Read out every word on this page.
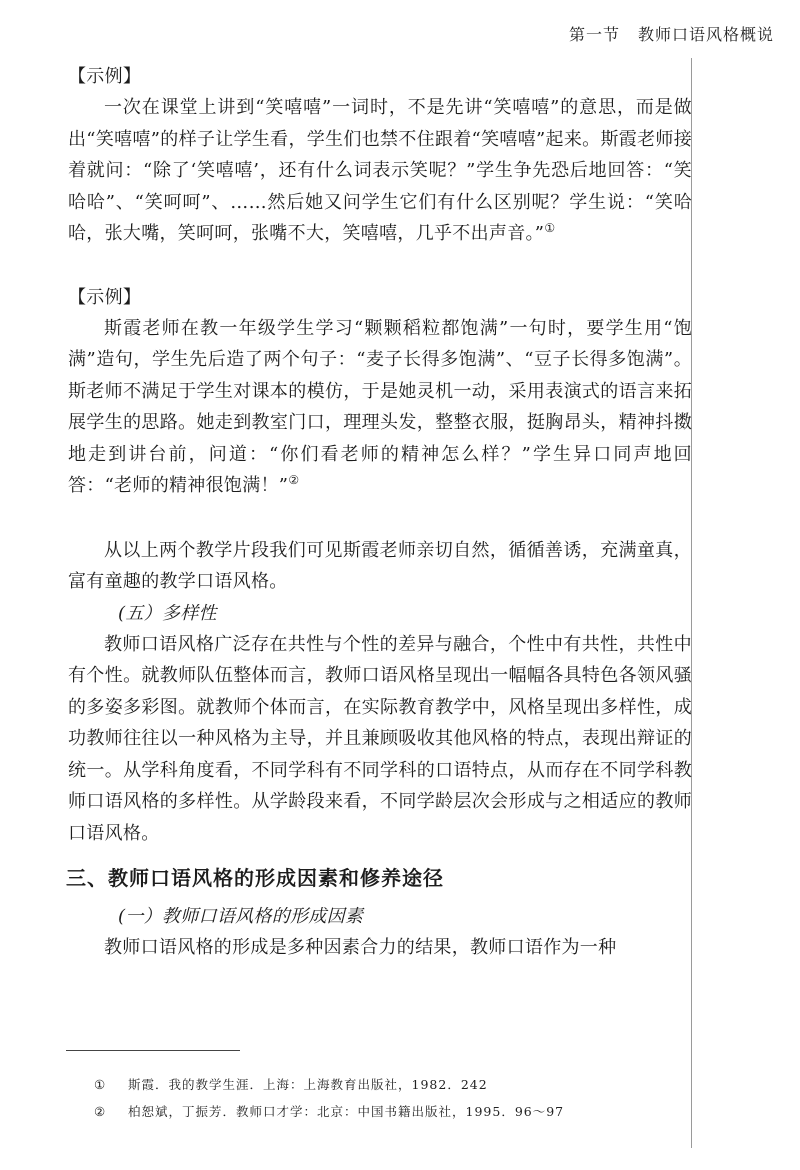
第一节 教师口语风格概说

【示例】

一次在课堂上讲到“笑嘻嘻”一词时，不是先讲“笑嘻嘻”的意思，而是做出“笑嘻嘻”的样子让学生看，学生们也禁不住跟着“笑嘻嘻”起来。斯霞老师接着就问：“除了‘笑嘻嘻’，还有什么词表示笑呢？”学生争先恐后地回答：“笑哈哈”、“笑呵呵”、……然后她又问学生它们有什么区别呢？学生说：“笑哈哈，张大嘴，笑呵呵，张嘴不大，笑嘻嘻，几乎不出声音。”①

【示例】

斯霞老师在教一年级学生学习“颗颗稻粒都饱满”一句时，要学生用“饱满”造句，学生先后造了两个句子：“麦子长得多饱满”、“豆子长得多饱满”。斯老师不满足于学生对课本的模仿，于是她灵机一动，采用表演式的语言来拓展学生的思路。她走到教室门口，理理头发，整整衣服，挺胸昂头，精神抖擞地走到讲台前，问道：“你们看老师的精神怎么样？”学生异口同声地回答：“老师的精神很饱满！”②

从以上两个教学片段我们可见斯霞老师亲切自然，循循善诱，充满童真，富有童趣的教学口语风格。

(五）多样性

教师口语风格广泛存在共性与个性的差异与融合，个性中有共性，共性中有个性。就教师队伍整体而言，教师口语风格呈现出一幅幅各具特色各领风骚的多姿多彩图。就教师个体而言，在实际教育教学中，风格呈现出多样性，成功教师往往以一种风格为主导，并且兼顾吸收其他风格的特点，表现出辩证的统一。从学科角度看，不同学科有不同学科的口语特点，从而存在不同学科教师口语风格的多样性。从学龄段来看，不同学龄层次会形成与之相适应的教师口语风格。

三、教师口语风格的形成因素和修养途径

(一）教师口语风格的形成因素

教师口语风格的形成是多种因素合力的结果，教师口语作为一种

① 斯霞．我的教学生涯．上海：上海教育出版社，1982．242
② 柏恕斌，丁振芳．教师口才学：北京：中国书籍出版社，1995．96～97
